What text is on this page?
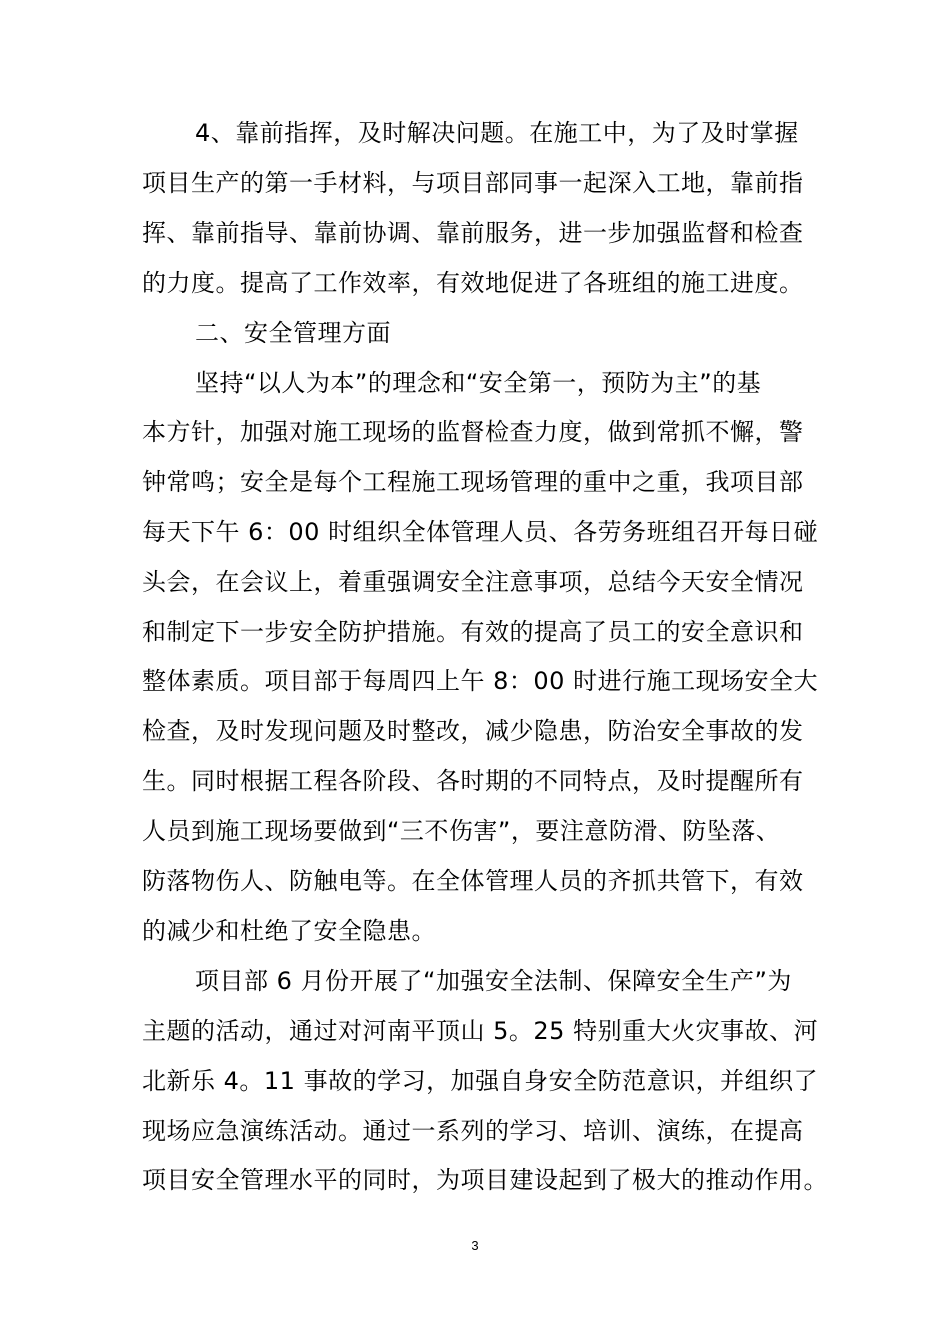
4、靠前指挥，及时解决问题。在施工中，为了及时掌握
项目生产的第一手材料，与项目部同事一起深入工地，靠前指
挥、靠前指导、靠前协调、靠前服务，进一步加强监督和检查
的力度。提高了工作效率，有效地促进了各班组的施工进度。
二、安全管理方面
坚持“以人为本”的理念和“安全第一，预防为主”的基
本方针，加强对施工现场的监督检查力度，做到常抓不懈，警
钟常鸣；安全是每个工程施工现场管理的重中之重，我项目部
每天下午 6：00 时组织全体管理人员、各劳务班组召开每日碰
头会，在会议上，着重强调安全注意事项，总结今天安全情况
和制定下一步安全防护措施。有效的提高了员工的安全意识和
整体素质。项目部于每周四上午 8：00 时进行施工现场安全大
检查，及时发现问题及时整改，减少隐患，防治安全事故的发
生。同时根据工程各阶段、各时期的不同特点，及时提醒所有
人员到施工现场要做到“三不伤害”，要注意防滑、防坠落、
防落物伤人、防触电等。在全体管理人员的齐抓共管下，有效
的减少和杜绝了安全隐患。
项目部 6 月份开展了“加强安全法制、保障安全生产”为
主题的活动，通过对河南平顶山 5。25 特别重大火灾事故、河
北新乐 4。11 事故的学习，加强自身安全防范意识，并组织了
现场应急演练活动。通过一系列的学习、培训、演练，在提高
项目安全管理水平的同时，为项目建设起到了极大的推动作用。
3
